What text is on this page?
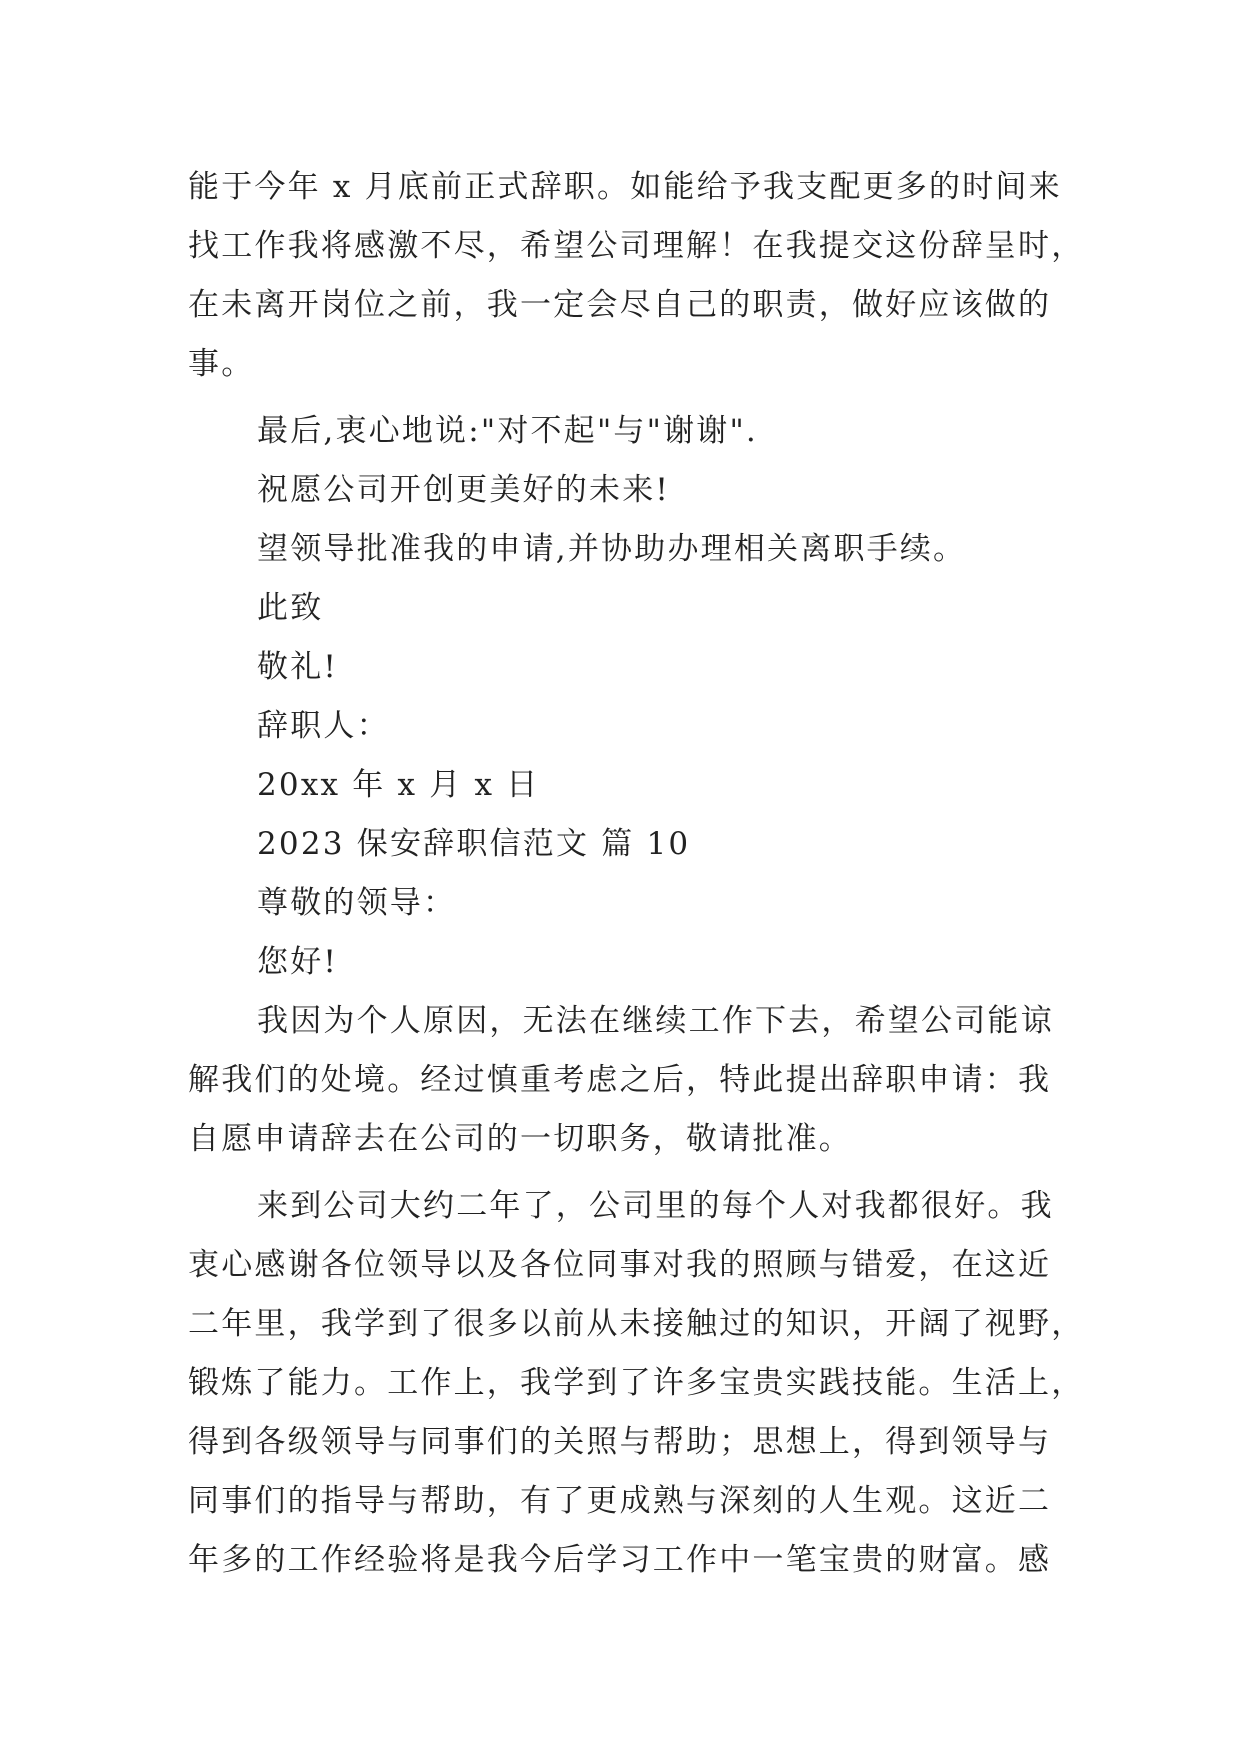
能于今年 x 月底前正式辞职。如能给予我支配更多的时间来
找工作我将感激不尽，希望公司理解！在我提交这份辞呈时，
在未离开岗位之前，我一定会尽自己的职责，做好应该做的
事。
最后,衷心地说:"对不起"与"谢谢".
祝愿公司开创更美好的未来!
望领导批准我的申请,并协助办理相关离职手续。
此致
敬礼!
辞职人：
20xx 年 x 月 x 日
2023 保安辞职信范文 篇 10
尊敬的领导：
您好!
我因为个人原因，无法在继续工作下去，希望公司能谅
解我们的处境。经过慎重考虑之后，特此提出辞职申请：我
自愿申请辞去在公司的一切职务，敬请批准。
来到公司大约二年了，公司里的每个人对我都很好。我
衷心感谢各位领导以及各位同事对我的照顾与错爱，在这近
二年里，我学到了很多以前从未接触过的知识，开阔了视野，
锻炼了能力。工作上，我学到了许多宝贵实践技能。生活上，
得到各级领导与同事们的关照与帮助；思想上，得到领导与
同事们的指导与帮助，有了更成熟与深刻的人生观。这近二
年多的工作经验将是我今后学习工作中一笔宝贵的财富。感
